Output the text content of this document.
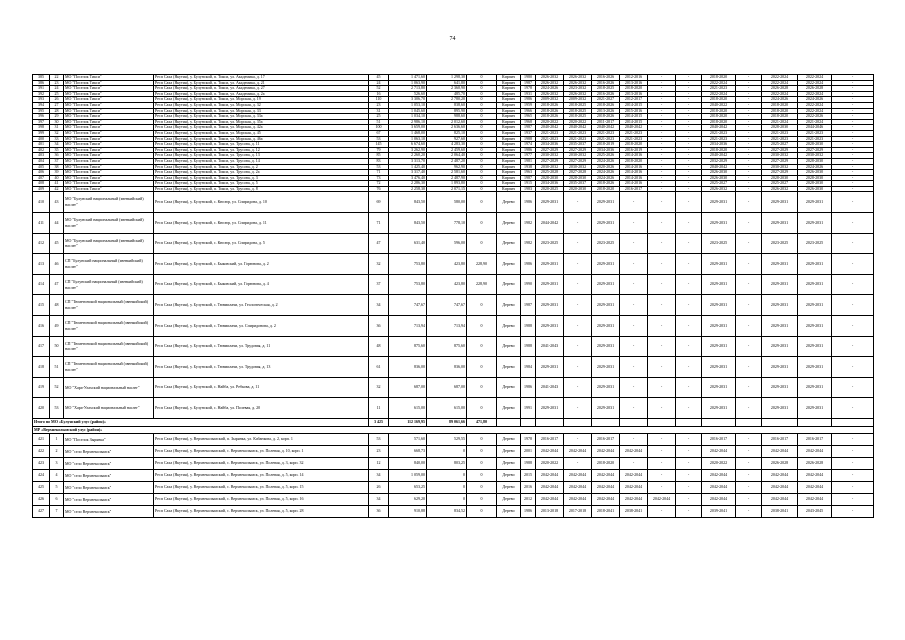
74
385	22	МО "Поселок Тикси"	Респ Саха (Якутия), у. Булунский, п. Тикси, ул. Академика, д. 17	45	1 471,60	1 298,30	0	Кирпич	1980	2026-2032	2026-2032	2016-2026	2012-2016	-	-	2018-2020	-	2022-2024	2022-2024	-
386	23	МО "Поселок Тикси"	Респ Саха (Якутия), у. Булунский, п. Тикси, ул. Академика, д. 21	24	1 063,90	641,80	0	Кирпич	1987	2026-2032	2026-2032	2016-2026	2013-2016	-	-	2022-2024	-	2022-2024	2022-2024	-
391	24	МО "Поселок Тикси"	Респ Саха (Якутия), у. Булунский, п. Тикси, ул. Академика, д. 27	52	2 713,80	2 360,90	0	Кирпич	1978	2024-2026	2023-2032	2018-2025	2018-2020	-	-	2021-2023	-	2026-2028	2026-2028	-
392	25	МО "Поселок Тикси"	Респ Саха (Якутия), у. Булунский, п. Тикси, ул. Академика, д. 2а	16	526,60	485,70	0	Кирпич	1931	2026-2032	2026-2032	2016-2026	2013-2016	-	-	2022-2024	-	2022-2024	2022-2024	-
393	26	МО "Поселок Тикси"	Респ Саха (Якутия), у. Булунский, п. Тикси, ул. Морская, д. 19	110	3 306,70	2 780,20	0	Кирпич	1986	2009-2032	2009-2032	2021-2027	2012-2017	-	-	2018-2020	-	2024-2026	2024-2026	-
394	27	МО "Поселок Тикси"	Респ Саха (Якутия), у. Булунский, п. Тикси, ул. Морская, д. 32	23	1 053,10	838,60	0	Кирпич	1959	2018-2026	2018-2025	2018-2026	2014-2015	-	-	2040-2022	-	2018-2020	2022-2024	-
395	28	МО "Поселок Тикси"	Респ Саха (Якутия), у. Булунский, п. Тикси, ул. Морская, д. 33	31	1 045,60	895,90	0	Кирпич	1966	2018-2026	2018-2025	2013-2026	2015-2016	-	-	2018-2020	-	2018-2020	2022-2024	-
396	29	МО "Поселок Тикси"	Респ Саха (Якутия), у. Булунский, п. Тикси, ул. Морская, д. 33а	25	1 034,10	988,60	0	Кирпич	1965	2018-2026	2018-2025	2018-2026	2014-2015	-	-	2018-2020	-	2018-2020	2022-2026	-
397	30	МО "Поселок Тикси"	Респ Саха (Якутия), у. Булунский, п. Тикси, ул. Морская, д. 35а	51	2 986,10	2 012,60	0	Кирпич	1968	2020-2022	2020-2022	2011-2017	2014-2015	-	-	2018-2020	-	2021-2024	2021-2024	-
398	31	МО "Поселок Тикси"	Респ Саха (Якутия), у. Булунский, п. Тикси, ул. Морская, д. 42а	100	3 659,00	2 636,60	0	Кирпич	1987	2040-2042	2040-2042	2040-2042	2040-2042	-	-	2040-2042	-	2028-2030	2044-2046	-
399	32	МО "Поселок Тикси"	Респ Саха (Якутия), у. Булунский, п. Тикси, ул. Морская, д. 45	67	1 468,00	825,10	0	Кирпич	1937	2021-2023	2021-2023	2021-2023	2021-2023	-	-	2021-2023	-	2021-2023	2021-2023	-
400	33	МО "Поселок Тикси"	Респ Саха (Якутия), у. Булунский, п. Тикси, ул. Морская, д. 46а	53	1 063,10	927,60	0	Кирпич	1988	2021-2023	2021-2023	2021-2023	2021-2023	-	-	2021-2023	-	2021-2023	2021-2023	-
401	34	МО "Поселок Тикси"	Респ Саха (Якутия), у. Булунский, п. Тикси, ул. Трусова, д. 11	145	6 674,60	4 283,30	0	Кирпич	1974	2034-2036	2035-2037	2018-2019	2018-2020	-	-	2034-2036	-	2025-2027	2028-2030	-
402	35	МО "Поселок Тикси"	Респ Саха (Якутия), у. Булунский, п. Тикси, ул. Трусова, д. 12	79	3 262,90	2 459,60	0	Кирпич	1986	2027-2029	2027-2029	2034-2036	2016-2019	-	-	2018-2020	-	2027-2029	2027-2029	-
403	36	МО "Поселок Тикси"	Респ Саха (Якутия), у. Булунский, п. Тикси, ул. Трусова, д. 13	85	2 260,20	2 064,40	0	Кирпич	1977	2030-2032	2030-2032	2025-2026	2014-2016	-	-	2040-2042	-	2030-2032	2030-2032	-
404	37	МО "Поселок Тикси"	Респ Саха (Якутия), у. Булунский, п. Тикси, ул. Трусова, д. 14	83	3 313,70	2 487,20	0	Кирпич	1981	2027-2029	2027-2029	2024-2026	2018-2020	-	-	2032-2029	-	2027-2029	2028-2030	-
405	38	МО "Поселок Тикси"	Респ Саха (Якутия), у. Булунский, п. Тикси, ул. Трусова, д. 2	53	1 425,40	962,90	0	Кирпич	1938	2030-2032	2030-2032	2020-2026	2014-2016	-	-	2040-2042	-	2030-2032	2024-2026	-
406	39	МО "Поселок Тикси"	Респ Саха (Якутия), у. Булунский, п. Тикси, ул. Трусова, д. 2а	71	3 317,40	2 581,60	0	Кирпич	1963	2025-2028	2027-2028	2024-2026	2014-2016	-	-	2026-2030	-	2027-2029	2026-2030	-
407	40	МО "Поселок Тикси"	Респ Саха (Якутия), у. Булунский, п. Тикси, ул. Трусова, д. 3	73	3 476,40	2 487,90	0	Кирпич	1987	2028-2030	2028-2030	2024-2026	2014-2016	-	-	2026-2030	-	2028-2030	2028-2030	-
408	41	МО "Поселок Тикси"	Респ Саха (Якутия), у. Булунский, п. Тикси, ул. Трусова, д. 5	72	2 286,30	1 893,80	0	Кирпич	1915	2034-2036	2035-2037	2018-2026	2014-2016	-	-	2025-2027	-	2025-2027	2028-2030	-
409	42	МО "Поселок Тикси"	Респ Саха (Якутия), у. Булунский, п. Тикси, ул. Трусова, д. 8	76	2 258,30	2 071,15	0	Кирпич	1983	2020-2025	2020-2030	2018-2020	2016-2017	-	-	2026-2032	-	2026-2032	2026-2030	-
410	43	МО "Булунский национальный (эвенкийский) наслег"	Респ Саха (Якутия), у. Булунский, с. Кюсюр, ул. Спиридона, д. 10	69	843,50	580,00	0	Дерево	1986	2029-2031	-	2029-2031	-	-	-	2029-2031	-	2029-2031	2029-2031	-
411	44	МО "Булунский национальный (эвенкийский) наслег"	Респ Саха (Якутия), у. Булунский, с. Кюсюр, ул. Спиридона, д. 11	71	843,50	778,10	0	Дерево	1982	2044-2042	-	2029-2031	-	-	-	2029-2031	-	2029-2031	2029-2031	-
412	45	МО "Булунский национальный (эвенкийский) наслег"	Респ Саха (Якутия), у. Булунский, с. Кюсюр, ул. Спиридона, д. 5	47	631,40	596,00	0	Дерево	1982	2023-2025	-	2023-2025	-	-	-	2023-2025	-	2023-2025	2023-2025	-
413	46	СП "Булунский национальный (эвенкийский) наслег"	Респ Саха (Якутия), у. Булунский, с. Быковский, ул. Горюнова, д. 2	32	753,80	423,80	228,90	Дерево	1986	2029-2031	-	2029-2031	-	-	-	2029-2031	-	2029-2031	2029-2031	-
414	47	СП "Булунский национальный (эвенкийский) наслег"	Респ Саха (Якутия), у. Булунский, с. Быковский, ул. Горюнова, д. 4	37	753,80	423,80	228,90	Дерево	1990	2029-2031	-	2029-2031	-	-	-	2029-2031	-	2029-2031	2029-2031	-
415	48	СП "Тюметинский национальный (эвенкийский) наслег"	Респ Саха (Якутия), у. Булунский, с. Тювмилачи, ул. Геологическая, д. 2	34	747,67	747,67	0	Дерево	1987	2029-2031	-	2029-2031	-	-	-	2029-2031	-	2029-2031	2029-2031	-
416	49	СП "Тюметинский национальный (эвенкийский) наслег"	Респ Саха (Якутия), у. Булунский, с. Тювмилачи, ул. Спиридонова, д. 2	36	713,94	713,94	0	Дерево	1988	2029-2031	-	2029-2031	-	-	-	2029-2031	-	2029-2031	2029-2031	-
417	50	СП "Тюметинский национальный (эвенкийский) наслег"	Респ Саха (Якутия), у. Булунский, с. Тювмилачи, ул. Трудовая, д. 11	48	875,60	875,60	0	Дерево	1988	2041-2043	-	2029-2031	-	-	-	2029-2031	-	2029-2031	2029-2031	-
418	51	СП "Тюметинский национальный (эвенкийский) наслег"	Респ Саха (Якутия), у. Булунский, с. Тювмилачи, ул. Трудовая, д. 13	61	836,00	836,00	0	Дерево	1984	2029-2031	-	2029-2031	-	-	-	2029-2031	-	2029-2031	2029-2031	-
419	52	МО "Хара-Улахский национальный наслег"	Респ Саха (Якутия), у. Булунский, с. Найба, ул. Ребкова, д. 11	32	687,00	687,00	0	Дерево	1986	2041-2043	-	2029-2031	-	-	-	2029-2031	-	2029-2031	2029-2031	-
420	53	МО "Хара-Улахский национальный наслег"	Респ Саха (Якутия), у. Булунский, с. Найба, ул. Полевая, д. 20	11	615,00	615,00	0	Дерево	1991	2029-2031	-	2029-2031	-	-	-	2029-2031	-	2029-2031	2029-2031	-
Итого по МО «Булунский улус (район)»				3 425	112 169,95	89 061,66	471,80													
МР «Верхнеколымский улус (район)»																				
421	1	МО "Поселок Зырянка"	Респ Саха (Якутия), у. Верхнеколымский, п. Зырянка, ул. Кабанкова, д. 2, корп. 1	53	571,60	529,55	0	Дерево	1978	2016-2017	-	2016-2017	-	-	-	2016-2017	-	2016-2017	2016-2017	-
422	2	МО "село Верхнеколымск"	Респ Саха (Якутия), у. Верхнеколымский, с. Верхнеколымск, ул. Полевая, д. 10, корп. 1	23	668,73	0	0	Дерево	2001	2042-2044	2042-2044	2042-2044	2042-2044	-	-	2042-2044	-	2042-2044	2042-2044	-
423	3	МО "село Верхнеколымск"	Респ Саха (Якутия), у. Верхнеколымский, с. Верхнеколымск, ул. Полевая, д. 3, корп. 32	12	840,00	803,25	0	Дерево	1988	2020-2022	-	2018-2020	-	-	-	2020-2022	-	2026-2028	2026-2028	-
424	4	МО "село Верхнеколымск"	Респ Саха (Якутия), у. Верхнеколымский, с. Верхнеколымск, ул. Полевая, д. 5, корп. 14	34	1 059,00	0	0	Дерево	2015	2042-2044	2042-2044	2042-2044	2042-2044	-	-	2042-2044	-	2042-2044	2042-2044	-
425	5	МО "село Верхнеколымск"	Респ Саха (Якутия), у. Верхнеколымский, с. Верхнеколымск, ул. Полевая, д. 5, корп. 15	26	653,25	0	0	Дерево	2016	2042-2044	2042-2044	2042-2044	2042-2044	-	-	2042-2044	-	2042-2044	2042-2044	-
426	6	МО "село Верхнеколымск"	Респ Саха (Якутия), у. Верхнеколымский, с. Верхнеколымск, ул. Полевая, д. 5, корп. 16	34	629,20	0	0	Дерево	2012	2042-2044	2042-2044	2042-2044	2042-2044	2042-2044	-	2042-2044	-	2042-2044	2042-2044	-
427	7	МО "село Верхнеколымск"	Респ Саха (Якутия), у. Верхнеколымский, с. Верхнеколымск, ул. Полевая, д. 5, корп. 28	36	910,88	834,52	0	Дерево	1986	2013-2018	2017-2018	2018-2041	2038-2041	-	-	2039-2041	-	2038-2041	2043-2045	-
